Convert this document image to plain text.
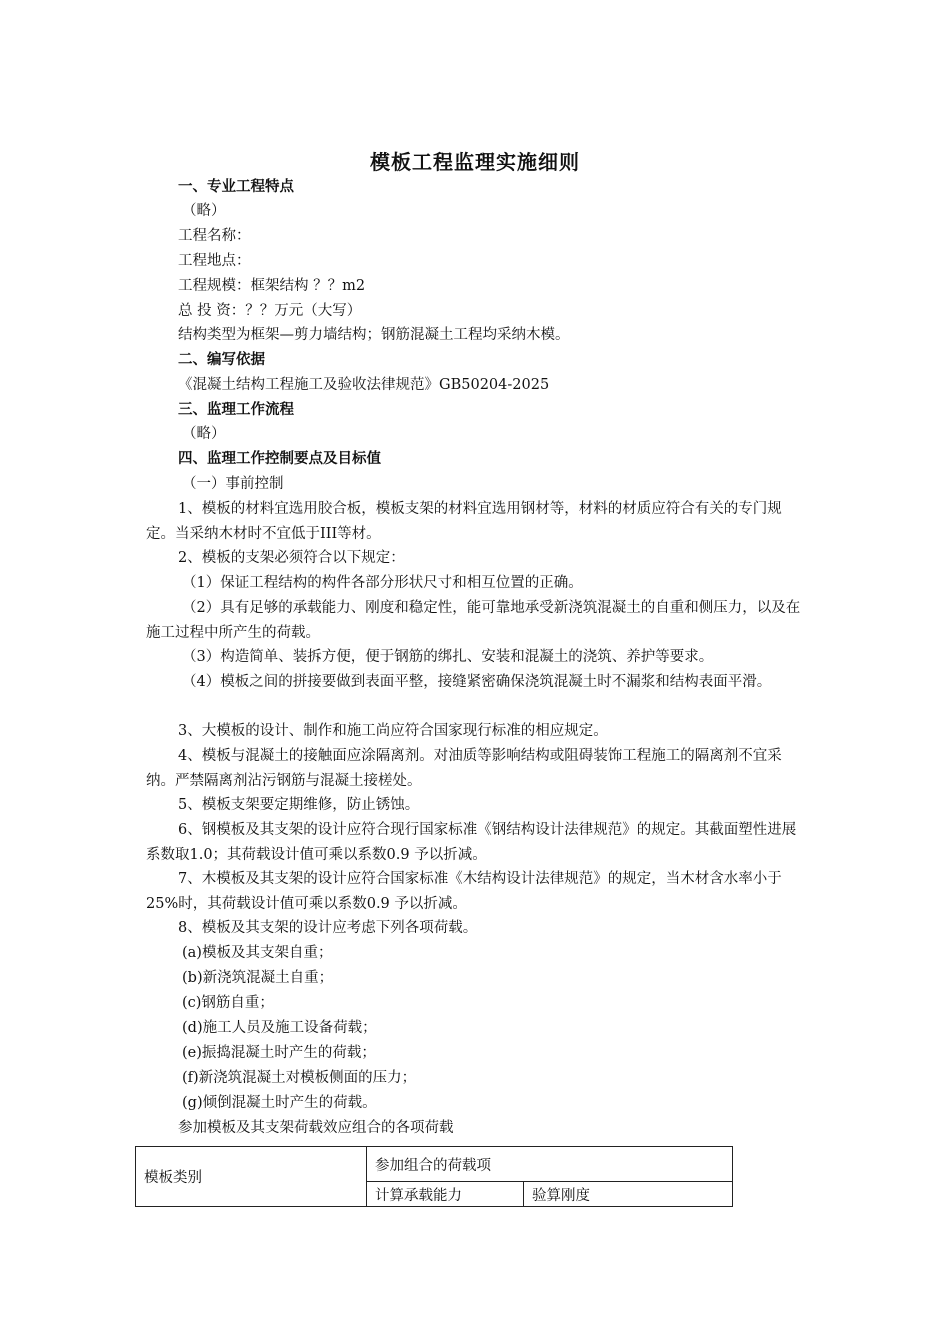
模板工程监理实施细则
一、专业工程特点
（略）
工程名称：
工程地点：
工程规模：框架结构 ？？m2
总 投 资：？？万元（大写）
结构类型为框架—剪力墙结构；钢筋混凝土工程均采纳木模。
二、编写依据
《混凝土结构工程施工及验收法律规范》GB50204-2025
三、监理工作流程
（略）
四、监理工作控制要点及目标值
（一）事前控制
1、模板的材料宜选用胶合板，模板支架的材料宜选用钢材等，材料的材质应符合有关的专门规定。当采纳木材时不宜低于III等材。
2、模板的支架必须符合以下规定：
（1）保证工程结构的构件各部分形状尺寸和相互位置的正确。
（2）具有足够的承载能力、刚度和稳定性，能可靠地承受新浇筑混凝土的自重和侧压力，以及在施工过程中所产生的荷载。
（3）构造简单、装拆方便，便于钢筋的绑扎、安装和混凝土的浇筑、养护等要求。
（4）模板之间的拼接要做到表面平整，接缝紧密确保浇筑混凝土时不漏浆和结构表面平滑。
3、大模板的设计、制作和施工尚应符合国家现行标准的相应规定。
4、模板与混凝土的接触面应涂隔离剂。对油质等影响结构或阻碍装饰工程施工的隔离剂不宜采纳。严禁隔离剂沾污钢筋与混凝土接槎处。
5、模板支架要定期维修，防止锈蚀。
6、钢模板及其支架的设计应符合现行国家标准《钢结构设计法律规范》的规定。其截面塑性进展系数取1.0；其荷载设计值可乘以系数0.9 予以折减。
7、木模板及其支架的设计应符合国家标准《木结构设计法律规范》的规定，当木材含水率小于25%时，其荷载设计值可乘以系数0.9 予以折减。
8、模板及其支架的设计应考虑下列各项荷载。
(a)模板及其支架自重；
(b)新浇筑混凝土自重；
(c)钢筋自重；
(d)施工人员及施工设备荷载；
(e)振捣混凝土时产生的荷载；
(f)新浇筑混凝土对模板侧面的压力；
(g)倾倒混凝土时产生的荷载。
参加模板及其支架荷载效应组合的各项荷载
模板类别	参加组合的荷载项	
	计算承载能力	验算刚度
